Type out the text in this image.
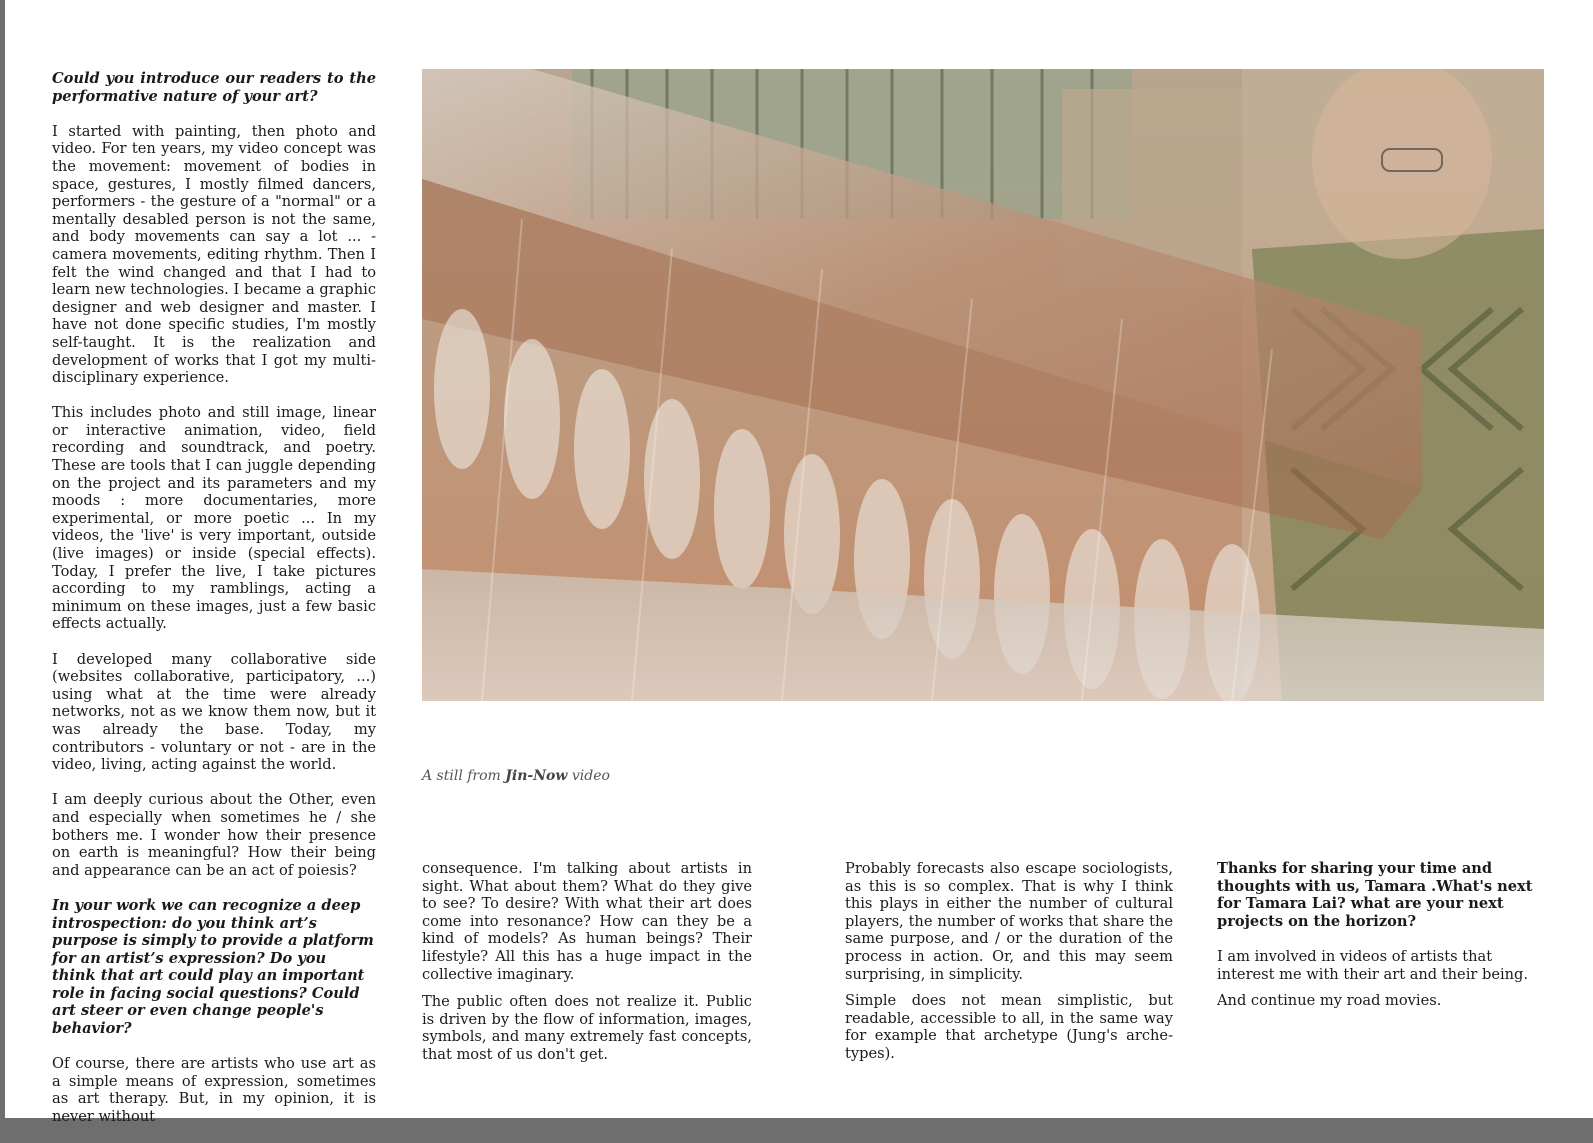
Could you introduce our readers to the performative nature of your art?

I started with painting, then photo and video. For ten years, my video concept was the movement: movement of bodies in space, gestures, I mostly filmed dancers, performers - the gesture of a "normal" or a mentally desabled person is not the same, and body movements can say a lot ... - camera movements, editing rhythm. Then I felt the wind changed and that I had to learn new technologies. I became a graphic designer and web designer and master. I have not done specific studies, I'm mostly self-taught. It is the realization and development of works that I got my multi-disciplinary experience.

This includes photo and still image, linear or interactive animation, video, field recording and soundtrack, and poetry. These are tools that I can juggle depending on the project and its parameters and my moods : more documentaries, more experimental, or more poetic ... In my videos, the 'live' is very important, outside (live images) or inside (special effects). Today, I prefer the live, I take pictures according to my ramblings, acting a minimum on these images, just a few basic effects actually.

I developed many collaborative side (websites collaborative, participatory, ...) using what at the time were already networks, not as we know them now, but it was already the base. Today, my contributors - voluntary or not - are in the video, living, acting against the world.

I am deeply curious about the Other, even and especially when sometimes he / she bothers me. I wonder how their presence on earth is meaningful? How their being and appearance can be an act of poiesis?

In your work we can recognize a deep introspection: do you think art’s purpose is simply to provide a platform for an artist’s expression? Do you think that art could play an important role in facing social questions? Could art steer or even change people's behavior?

Of course, there are artists who use art as a simple means of expression, sometimes as art therapy. But, in my opinion, it is never without

A still from Jin-Now video

consequence. I'm talking about artists in sight. What about them? What do they give to see? To desire? With what their art does come into resonance? How can they be a kind of models? As human beings? Their lifestyle? All this has a huge impact in the collective imaginary.

The public often does not realize it. Public is driven by the flow of information, images, symbols, and many extremely fast concepts, that most of us don't get.

Probably forecasts also escape sociologists, as this is so complex. That is why I think this plays in either the number of cultural players, the number of works that share the same purpose, and / or the duration of the process in action. Or, and this may seem surprising, in simplicity.

Simple does not mean simplistic, but readable, accessible to all, in the same way for example that archetype (Jung's arche-types).

Thanks for sharing your time and thoughts with us, Tamara .What's next for Tamara Lai? what are your next projects on the horizon?

I am involved in videos of artists that interest me with their art and their being.

And continue my road movies.
